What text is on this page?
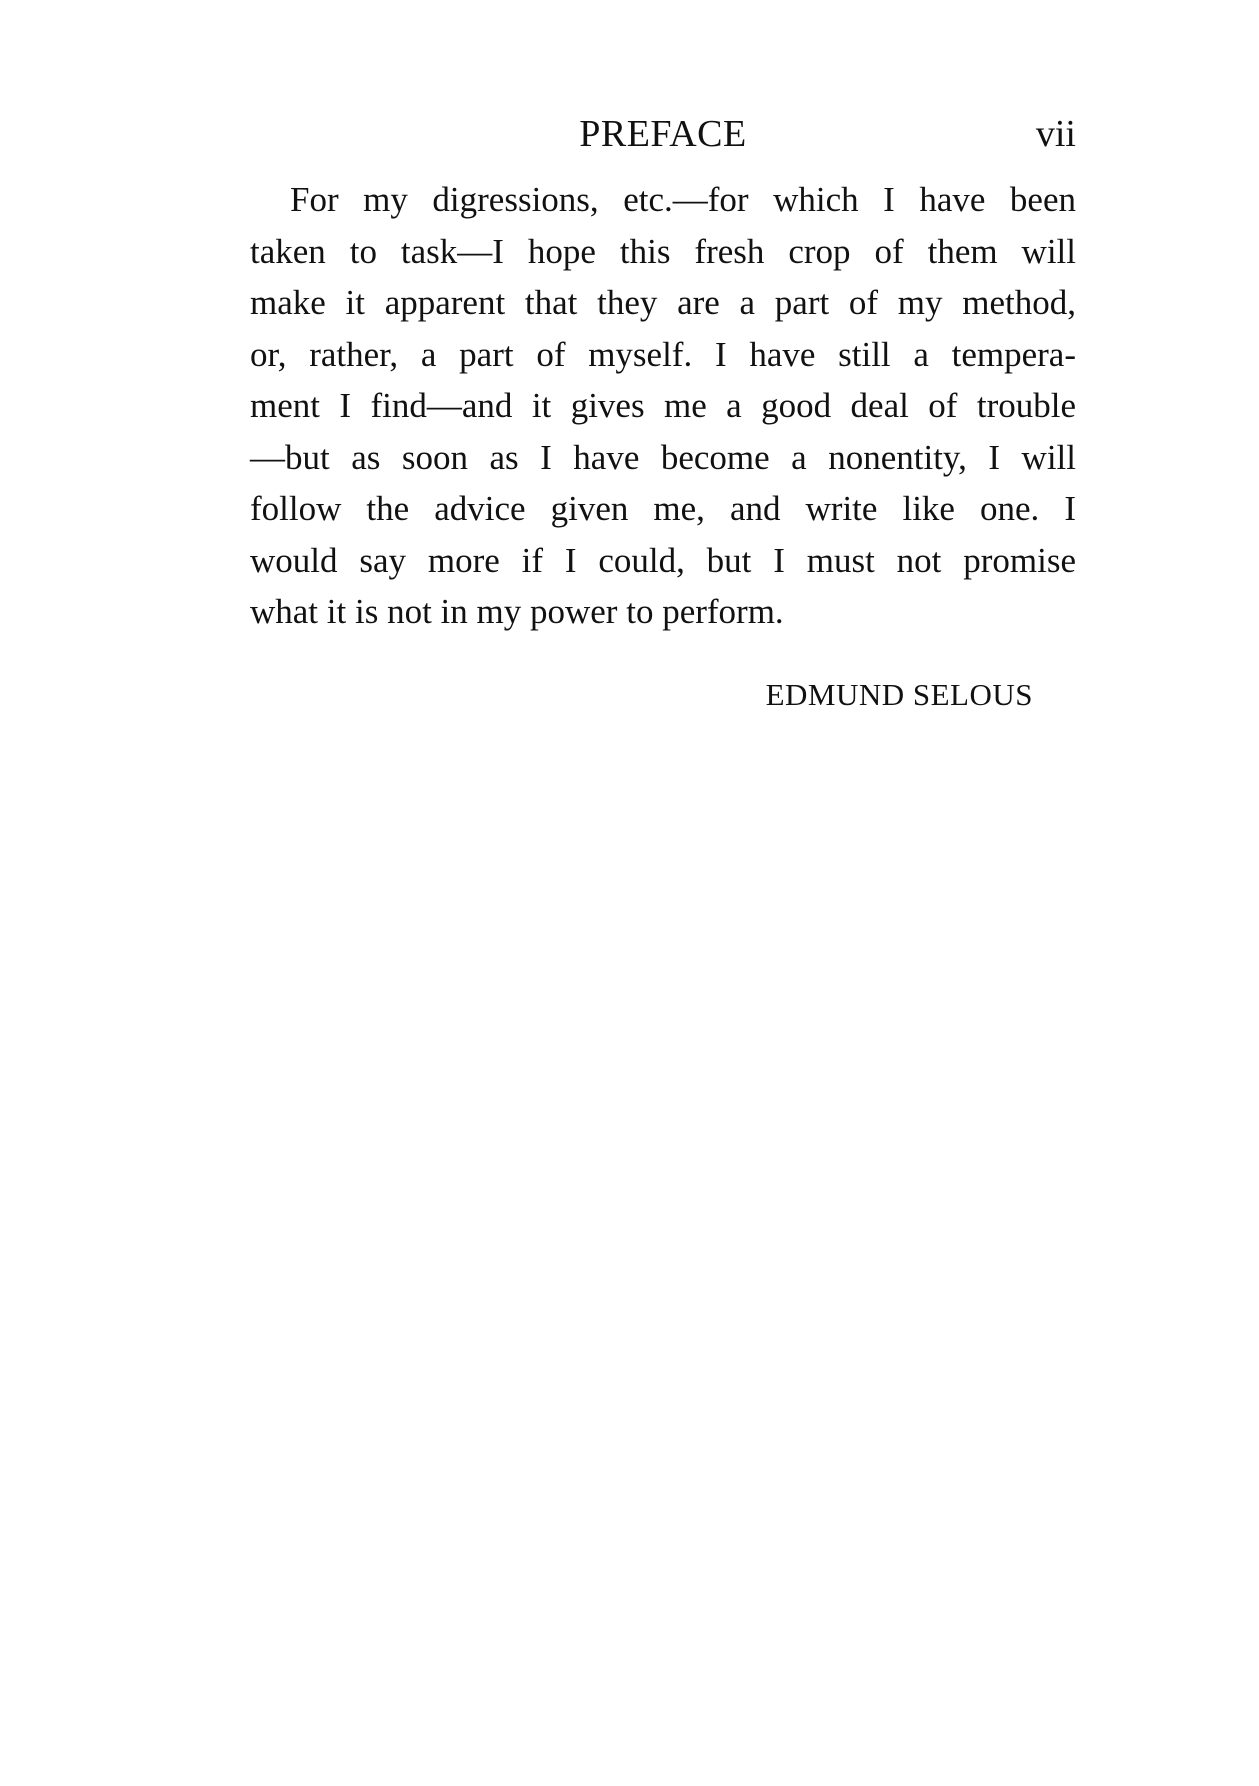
PREFACE	vii
For my digressions, etc.—for which I have been
taken to task—I hope this fresh crop of them will
make it apparent that they are a part of my method,
or, rather, a part of myself. I have still a tempera-
ment I find—and it gives me a good deal of trouble
—but as soon as I have become a nonentity, I will
follow the advice given me, and write like one. I
would say more if I could, but I must not promise
what it is not in my power to perform.
EDMUND SELOUS
